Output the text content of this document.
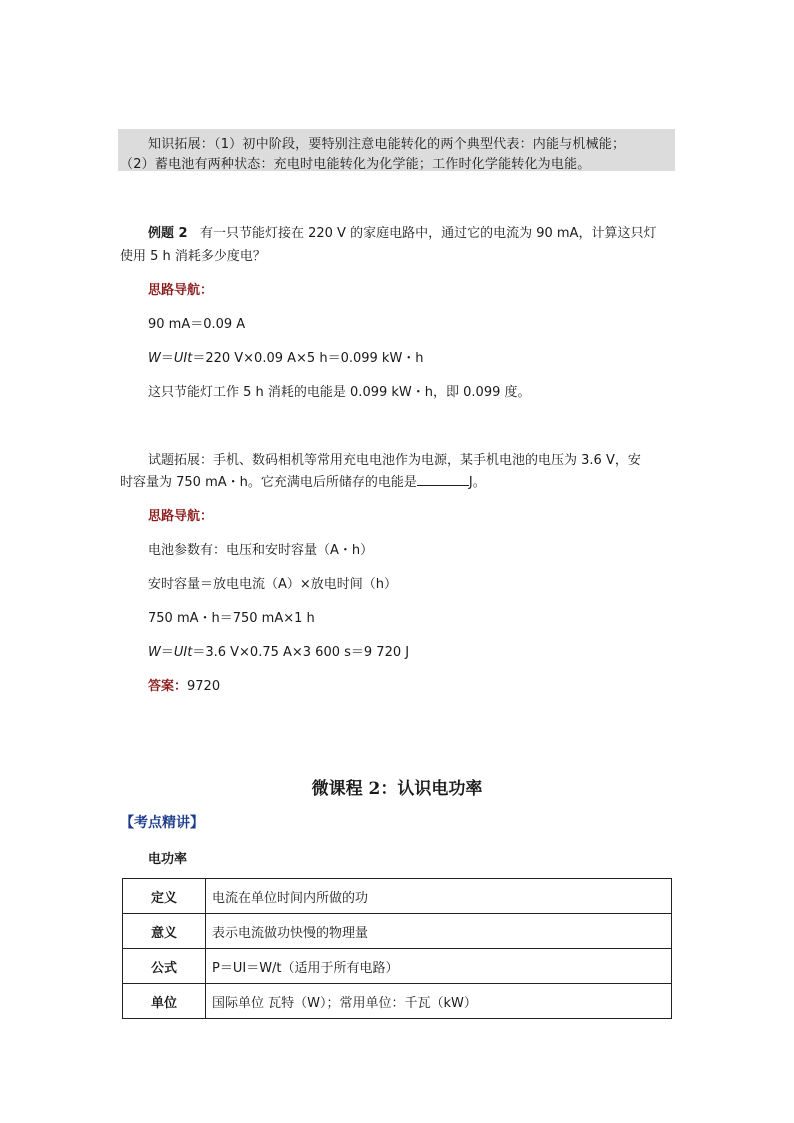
知识拓展：（1）初中阶段，要特别注意电能转化的两个典型代表：内能与机械能；
（2）蓄电池有两种状态：充电时电能转化为化学能；工作时化学能转化为电能。
例题 2 有一只节能灯接在 220 V 的家庭电路中，通过它的电流为 90 mA，计算这只灯
使用 5 h 消耗多少度电？
思路导航：
90 mA＝0.09 A
W＝UIt＝220 V×0.09 A×5 h＝0.099 kW・h
这只节能灯工作 5 h 消耗的电能是 0.099 kW・h，即 0.099 度。
试题拓展：手机、数码相机等常用充电电池作为电源，某手机电池的电压为 3.6 V，安
时容量为 750 mA・h。它充满电后所储存的电能是	J。
思路导航：
电池参数有：电压和安时容量（A・h）
安时容量＝放电电流（A）×放电时间（h）
750 mA・h＝750 mA×1 h
W＝UIt＝3.6 V×0.75 A×3 600 s＝9 720 J
答案：9720
微课程 2：认识电功率
【考点精讲】
电功率
定义	电流在单位时间内所做的功
意义	表示电流做功快慢的物理量
公式	P＝UI＝W/t（适用于所有电路）
单位	国际单位 瓦特（W）；常用单位：千瓦（kW）
